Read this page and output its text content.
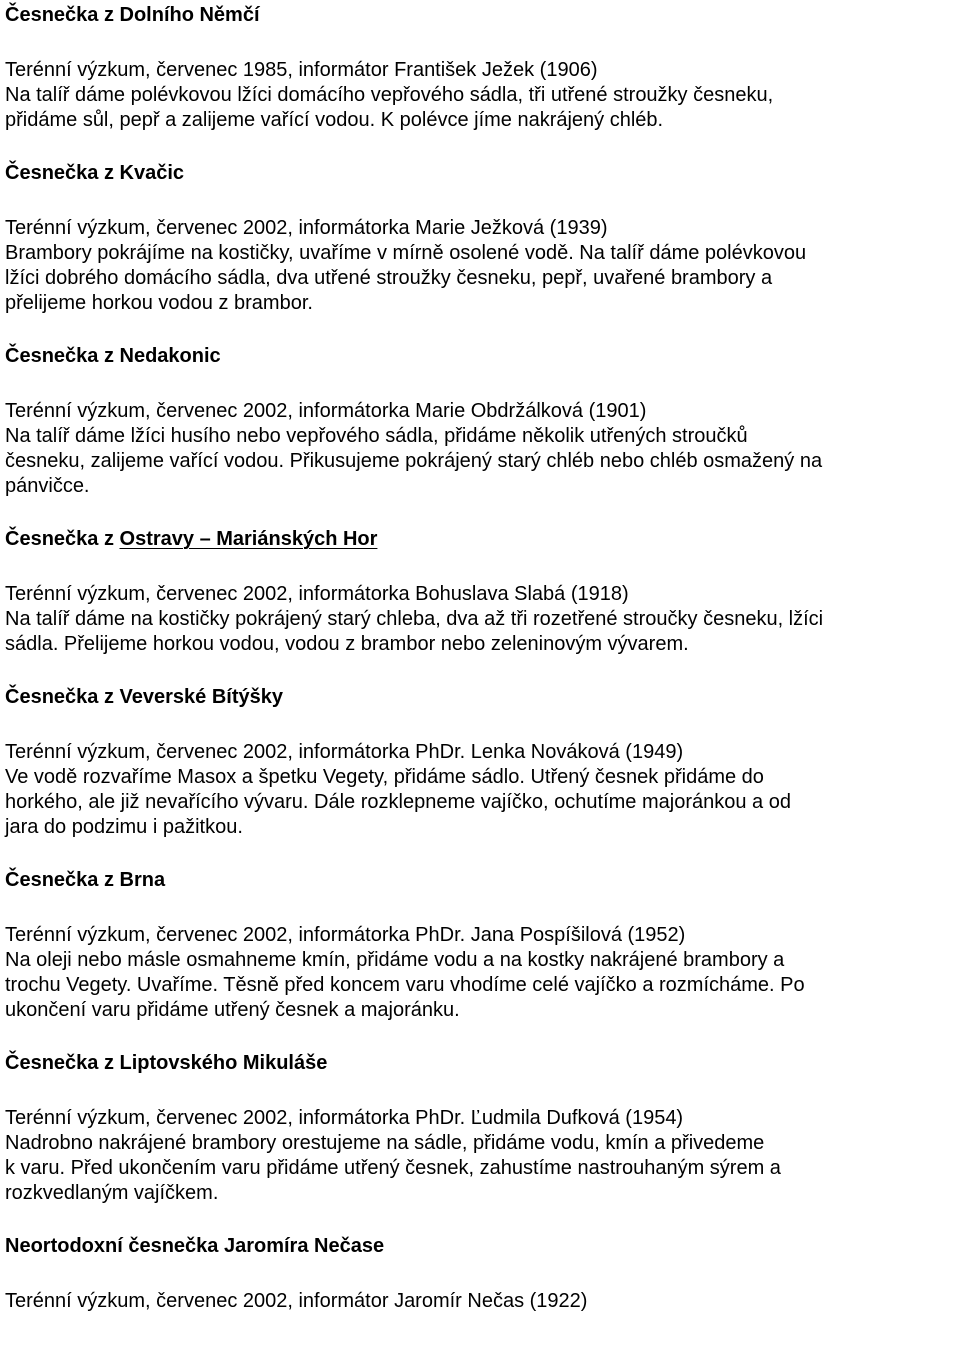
Česnečka z Dolního Němčí

Terénní výzkum, červenec 1985, informátor František Ježek (1906)

Na talíř dáme polévkovou lžíci domácího vepřového sádla, tři utřené stroužky česneku,

přidáme sůl, pepř a zalijeme vařící vodou. K polévce jíme nakrájený chléb.

Česnečka z Kvačic

Terénní výzkum, červenec 2002, informátorka Marie Ježková (1939)

Brambory pokrájíme na kostičky, uvaříme v mírně osolené vodě. Na talíř dáme polévkovou

lžíci dobrého domácího sádla, dva utřené stroužky česneku, pepř, uvařené brambory a

přelijeme horkou vodou z brambor.

Česnečka z Nedakonic

Terénní výzkum, červenec 2002, informátorka Marie Obdržálková (1901)

Na talíř dáme lžíci husího nebo vepřového sádla, přidáme několik utřených stroučků

česneku, zalijeme vařící vodou. Přikusujeme pokrájený starý chléb nebo chléb osmažený na

pánvičce.

Česnečka z Ostravy – Mariánských Hor

Terénní výzkum, červenec 2002, informátorka Bohuslava Slabá (1918)

Na talíř dáme na kostičky pokrájený starý chleba, dva až tři rozetřené stroučky česneku, lžíci

sádla. Přelijeme horkou vodou, vodou z brambor nebo zeleninovým vývarem.

Česnečka z Veverské Bítýšky

Terénní výzkum, červenec 2002, informátorka PhDr. Lenka Nováková (1949)

Ve vodě rozvaříme Masox a špetku Vegety, přidáme sádlo. Utřený česnek přidáme do

horkého, ale již nevařícího vývaru. Dále rozklepneme vajíčko, ochutíme majoránkou a od

jara do podzimu i pažitkou.

Česnečka z Brna

Terénní výzkum, červenec 2002, informátorka PhDr. Jana Pospíšilová (1952)

Na oleji nebo másle osmahneme kmín, přidáme vodu a na kostky nakrájené brambory a

trochu Vegety. Uvaříme. Těsně před koncem varu vhodíme celé vajíčko a rozmícháme. Po

ukončení varu přidáme utřený česnek a majoránku.

Česnečka z Liptovského Mikuláše

Terénní výzkum, červenec 2002, informátorka PhDr. Ľudmila Dufková (1954)

Nadrobno nakrájené brambory orestujeme na sádle, přidáme vodu, kmín a přivedeme

k varu. Před ukončením varu přidáme utřený česnek, zahustíme nastrouhaným sýrem a

rozkvedlaným vajíčkem.

Neortodoxní česnečka Jaromíra Nečase

Terénní výzkum, červenec 2002, informátor Jaromír Nečas (1922)
